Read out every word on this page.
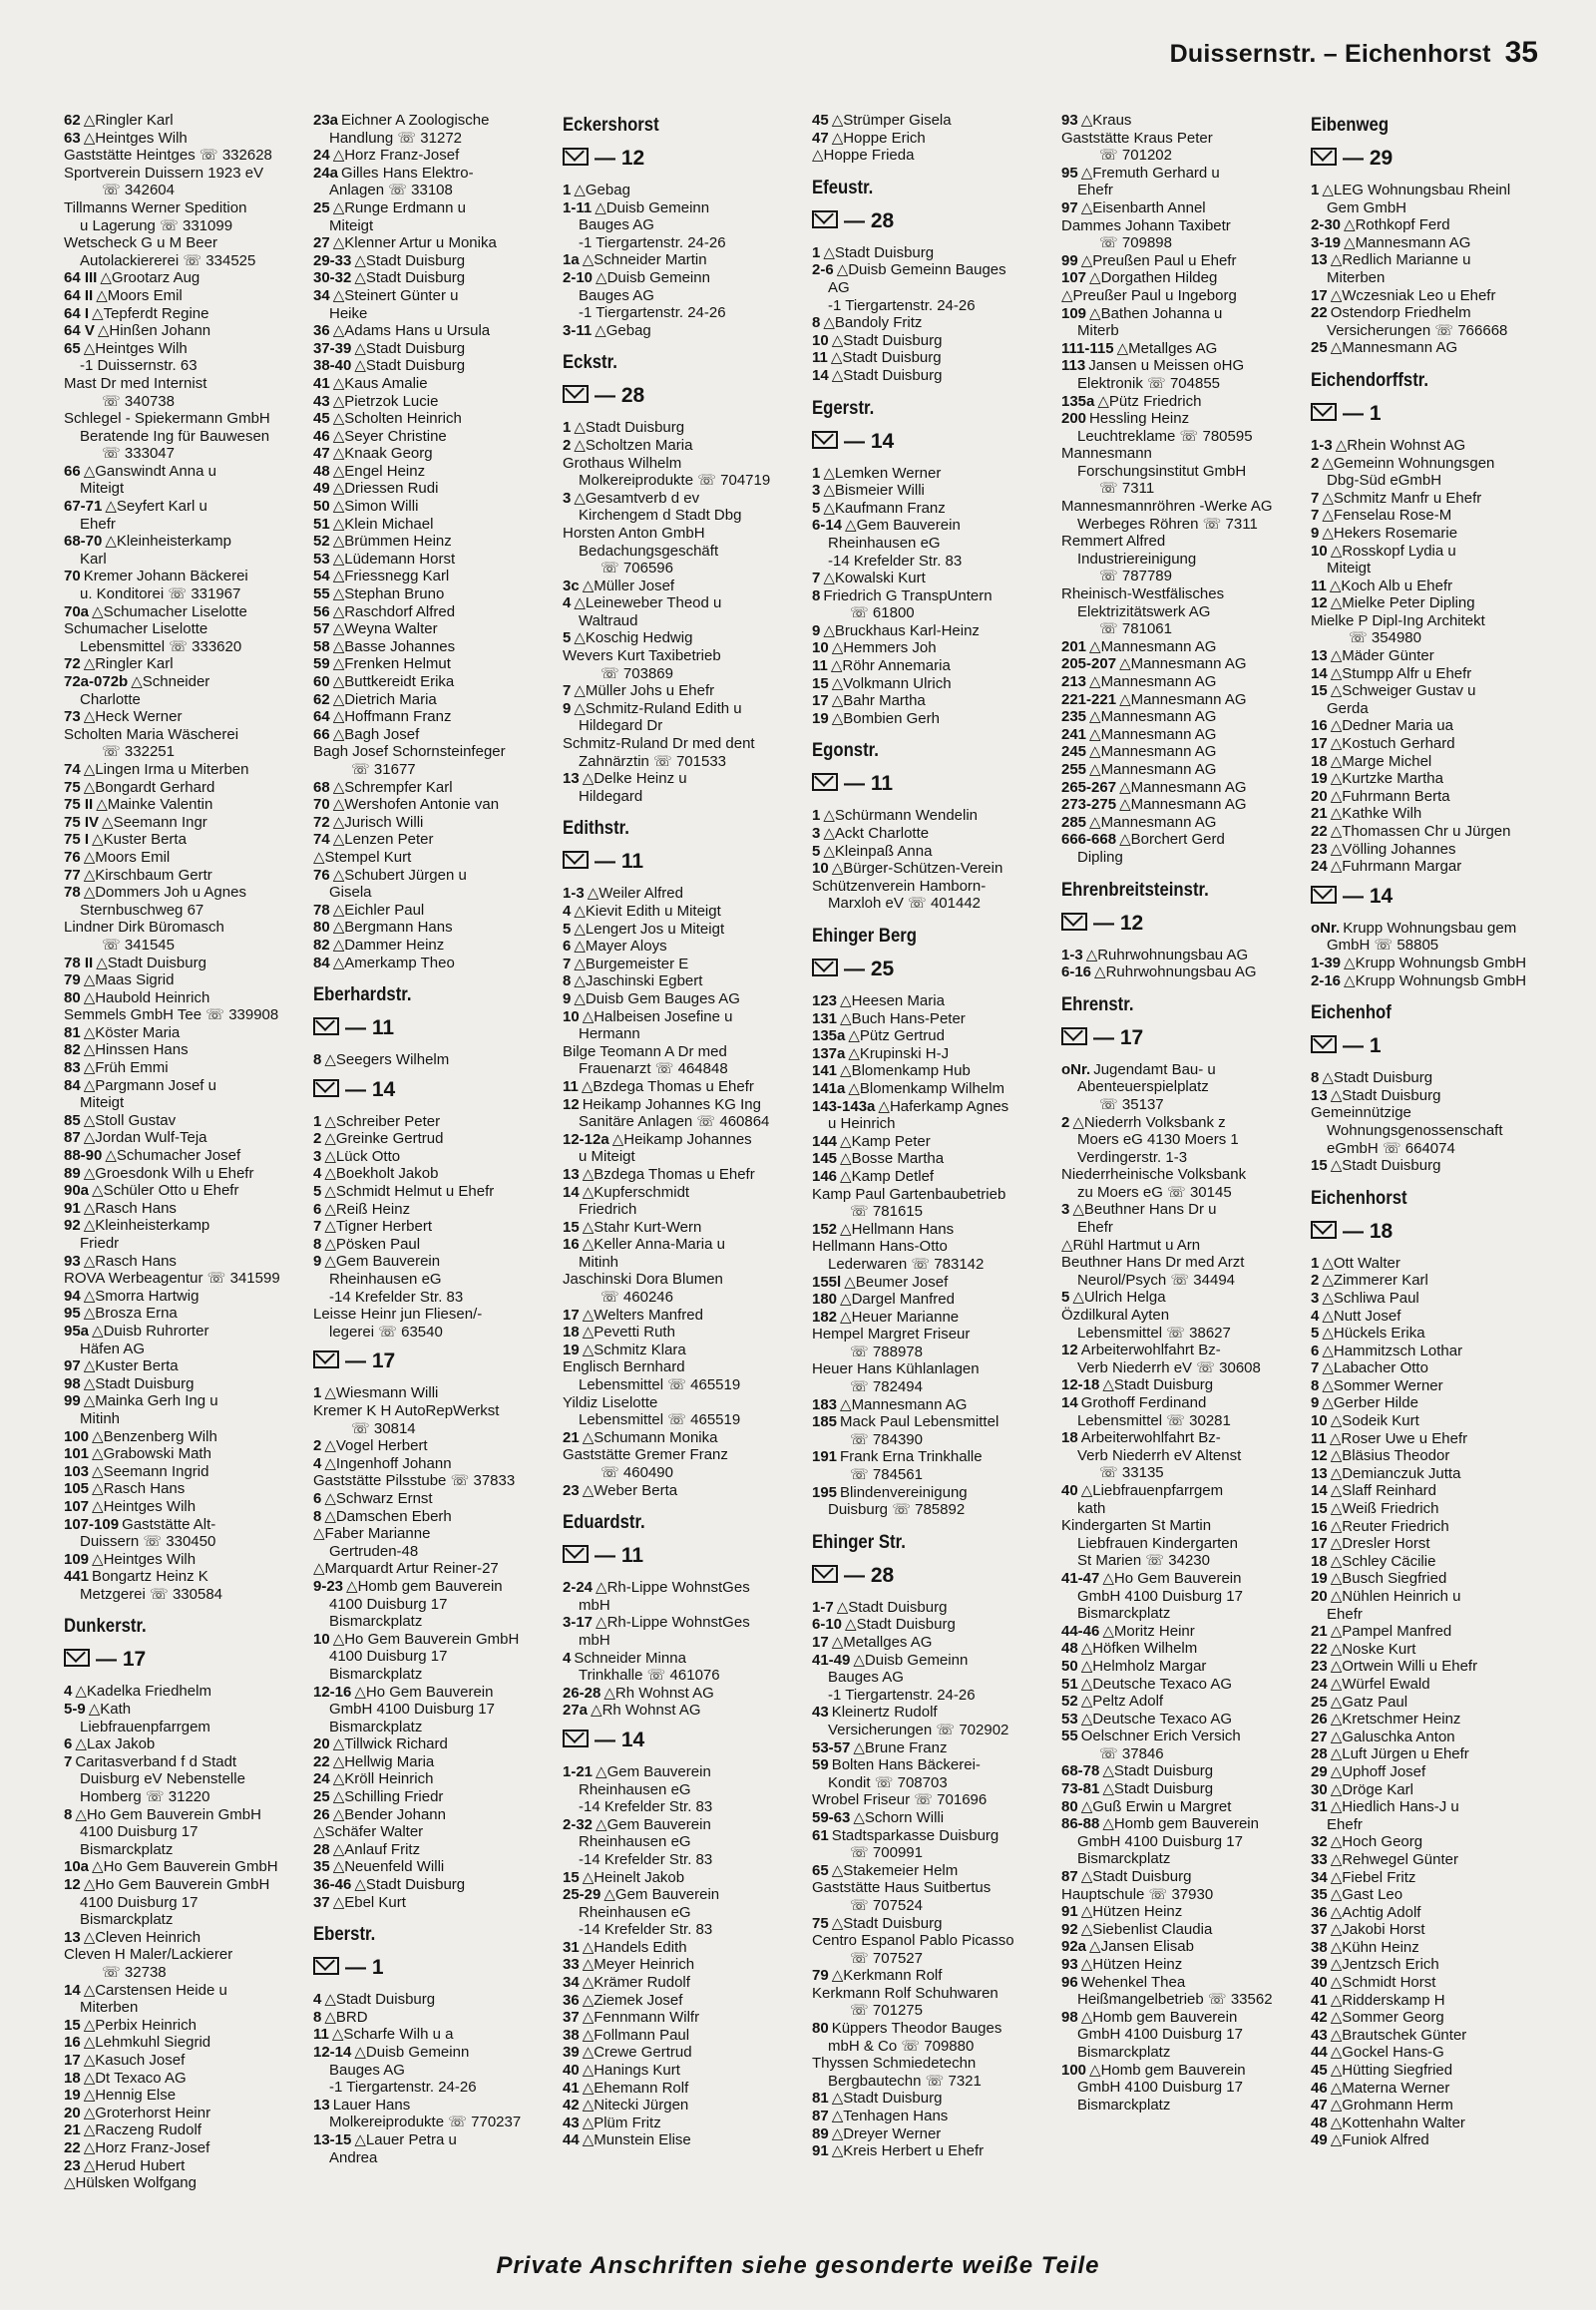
Duissernstr. – Eichenhorst 35
62 △Ringler Karl
63 △Heintges Wilh
Gaststätte Heintges ☏ 332628
Sportverein Duissern 1923 eV
☏ 342604
Tillmanns Werner Spedition
u Lagerung ☏ 331099
Wetscheck G u M Beer
Autolackiererei ☏ 334525
64 III △Grootarz Aug
64 II △Moors Emil
64 I △Tepferdt Regine
64 V △Hinßen Johann
65 △Heintges Wilh
-1 Duissernstr. 63
Mast Dr med Internist
☏ 340738
Schlegel - Spiekermann GmbH
Beratende Ing für Bauwesen
☏ 333047
66 △Ganswindt Anna u
Miteigt
67-71 △Seyfert Karl u
Ehefr
68-70 △Kleinheisterkamp
Karl
70 Kremer Johann Bäckerei
u. Konditorei ☏ 331967
70a △Schumacher Liselotte
Schumacher Liselotte
Lebensmittel ☏ 333620
72 △Ringler Karl
72a-072b △Schneider
Charlotte
73 △Heck Werner
Scholten Maria Wäscherei
☏ 332251
74 △Lingen Irma u Miterben
75 △Bongardt Gerhard
75 II △Mainke Valentin
75 IV △Seemann Ingr
75 I △Kuster Berta
76 △Moors Emil
77 △Kirschbaum Gertr
78 △Dommers Joh u Agnes
Sternbuschweg 67
Lindner Dirk Büromasch
☏ 341545
78 II △Stadt Duisburg
79 △Maas Sigrid
80 △Haubold Heinrich
Semmels GmbH Tee ☏ 339908
81 △Köster Maria
82 △Hinssen Hans
83 △Früh Emmi
84 △Pargmann Josef u
Miteigt
85 △Stoll Gustav
87 △Jordan Wulf-Teja
88-90 △Schumacher Josef
89 △Groesdonk Wilh u Ehefr
90a △Schüler Otto u Ehefr
91 △Rasch Hans
92 △Kleinheisterkamp
Friedr
93 △Rasch Hans
ROVA Werbeagentur ☏ 341599
94 △Smorra Hartwig
95 △Brosza Erna
95a △Duisb Ruhrorter
Häfen AG
97 △Kuster Berta
98 △Stadt Duisburg
99 △Mainka Gerh Ing u
Mitinh
100 △Benzenberg Wilh
101 △Grabowski Math
103 △Seemann Ingrid
105 △Rasch Hans
107 △Heintges Wilh
107-109 Gaststätte Alt-
Duissern ☏ 330450
109 △Heintges Wilh
441 Bongartz Heinz K
Metzgerei ☏ 330584
Dunkerstr.
— 17
4 △Kadelka Friedhelm
5-9 △Kath
Liebfrauenpfarrgem
6 △Lax Jakob
7 Caritasverband f d Stadt
Duisburg eV Nebenstelle
Homberg ☏ 31220
8 △Ho Gem Bauverein GmbH
4100 Duisburg 17
Bismarckplatz
10a △Ho Gem Bauverein GmbH
12 △Ho Gem Bauverein GmbH
4100 Duisburg 17
Bismarckplatz
13 △Cleven Heinrich
Cleven H Maler/Lackierer
☏ 32738
14 △Carstensen Heide u
Miterben
15 △Perbix Heinrich
16 △Lehmkuhl Siegrid
17 △Kasuch Josef
18 △Dt Texaco AG
19 △Hennig Else
20 △Groterhorst Heinr
21 △Raczeng Rudolf
22 △Horz Franz-Josef
23 △Herud Hubert
△Hülsken Wolfgang
23a Eichner A Zoologische
Handlung ☏ 31272
24 △Horz Franz-Josef
24a Gilles Hans Elektro-
Anlagen ☏ 33108
25 △Runge Erdmann u
Miteigt
27 △Klenner Artur u Monika
29-33 △Stadt Duisburg
30-32 △Stadt Duisburg
34 △Steinert Günter u
Heike
36 △Adams Hans u Ursula
37-39 △Stadt Duisburg
38-40 △Stadt Duisburg
41 △Kaus Amalie
43 △Pietrzok Lucie
45 △Scholten Heinrich
46 △Seyer Christine
47 △Knaak Georg
48 △Engel Heinz
49 △Driessen Rudi
50 △Simon Willi
51 △Klein Michael
52 △Brümmen Heinz
53 △Lüdemann Horst
54 △Friessnegg Karl
55 △Stephan Bruno
56 △Raschdorf Alfred
57 △Weyna Walter
58 △Basse Johannes
59 △Frenken Helmut
60 △Buttkereidt Erika
62 △Dietrich Maria
64 △Hoffmann Franz
66 △Bagh Josef
Bagh Josef Schornsteinfeger
☏ 31677
68 △Schrempfer Karl
70 △Wershofen Antonie van
72 △Jurisch Willi
74 △Lenzen Peter
△Stempel Kurt
76 △Schubert Jürgen u
Gisela
78 △Eichler Paul
80 △Bergmann Hans
82 △Dammer Heinz
84 △Amerkamp Theo
Eberhardstr.
— 11
8 △Seegers Wilhelm
— 14
1 △Schreiber Peter
2 △Greinke Gertrud
3 △Lück Otto
4 △Boekholt Jakob
5 △Schmidt Helmut u Ehefr
6 △Reiß Heinz
7 △Tigner Herbert
8 △Pösken Paul
9 △Gem Bauverein
Rheinhausen eG
-14 Krefelder Str. 83
Leisse Heinr jun Fliesen/-
legerei ☏ 63540
— 17
1 △Wiesmann Willi
Kremer K H AutoRepWerkst
☏ 30814
2 △Vogel Herbert
4 △Ingenhoff Johann
Gaststätte Pilsstube ☏ 37833
6 △Schwarz Ernst
8 △Damschen Eberh
△Faber Marianne
Gertruden-48
△Marquardt Artur Reiner-27
9-23 △Homb gem Bauverein
4100 Duisburg 17
Bismarckplatz
10 △Ho Gem Bauverein GmbH
4100 Duisburg 17
Bismarckplatz
12-16 △Ho Gem Bauverein
GmbH 4100 Duisburg 17
Bismarckplatz
20 △Tillwick Richard
22 △Hellwig Maria
24 △Kröll Heinrich
25 △Schilling Friedr
26 △Bender Johann
△Schäfer Walter
28 △Anlauf Fritz
35 △Neuenfeld Willi
36-46 △Stadt Duisburg
37 △Ebel Kurt
Eberstr.
— 1
4 △Stadt Duisburg
8 △BRD
11 △Scharfe Wilh u a
12-14 △Duisb Gemeinn
Bauges AG
-1 Tiergartenstr. 24-26
13 Lauer Hans
Molkereiprodukte ☏ 770237
13-15 △Lauer Petra u
Andrea
Eckershorst
— 12
1 △Gebag
1-11 △Duisb Gemeinn
Bauges AG
-1 Tiergartenstr. 24-26
1a △Schneider Martin
2-10 △Duisb Gemeinn
Bauges AG
-1 Tiergartenstr. 24-26
3-11 △Gebag
Eckstr.
— 28
1 △Stadt Duisburg
2 △Scholtzen Maria
Grothaus Wilhelm
Molkereiprodukte ☏ 704719
3 △Gesamtverb d ev
Kirchengem d Stadt Dbg
Horsten Anton GmbH
Bedachungsgeschäft
☏ 706596
3c △Müller Josef
4 △Leineweber Theod u
Waltraud
5 △Koschig Hedwig
Wevers Kurt Taxibetrieb
☏ 703869
7 △Müller Johs u Ehefr
9 △Schmitz-Ruland Edith u
Hildegard Dr
Schmitz-Ruland Dr med dent
Zahnärztin ☏ 701533
13 △Delke Heinz u
Hildegard
Edithstr.
— 11
1-3 △Weiler Alfred
4 △Kievit Edith u Miteigt
5 △Lengert Jos u Miteigt
6 △Mayer Aloys
7 △Burgemeister E
8 △Jaschinski Egbert
9 △Duisb Gem Bauges AG
10 △Halbeisen Josefine u
Hermann
Bilge Teomann A Dr med
Frauenarzt ☏ 464848
11 △Bzdega Thomas u Ehefr
12 Heikamp Johannes KG Ing
Sanitäre Anlagen ☏ 460864
12-12a △Heikamp Johannes
u Miteigt
13 △Bzdega Thomas u Ehefr
14 △Kupferschmidt
Friedrich
15 △Stahr Kurt-Wern
16 △Keller Anna-Maria u
Mitinh
Jaschinski Dora Blumen
☏ 460246
17 △Welters Manfred
18 △Pevetti Ruth
19 △Schmitz Klara
Englisch Bernhard
Lebensmittel ☏ 465519
Yildiz Liselotte
Lebensmittel ☏ 465519
21 △Schumann Monika
Gaststätte Gremer Franz
☏ 460490
23 △Weber Berta
Eduardstr.
— 11
2-24 △Rh-Lippe WohnstGes
mbH
3-17 △Rh-Lippe WohnstGes
mbH
4 Schneider Minna
Trinkhalle ☏ 461076
26-28 △Rh Wohnst AG
27a △Rh Wohnst AG
— 14
1-21 △Gem Bauverein
Rheinhausen eG
-14 Krefelder Str. 83
2-32 △Gem Bauverein
Rheinhausen eG
-14 Krefelder Str. 83
15 △Heinelt Jakob
25-29 △Gem Bauverein
Rheinhausen eG
-14 Krefelder Str. 83
31 △Handels Edith
33 △Meyer Heinrich
34 △Krämer Rudolf
36 △Ziemek Josef
37 △Fennmann Wilfr
38 △Follmann Paul
39 △Crewe Gertrud
40 △Hanings Kurt
41 △Ehemann Rolf
42 △Nitecki Jürgen
43 △Plüm Fritz
44 △Munstein Elise
45 △Strümper Gisela
47 △Hoppe Erich
△Hoppe Frieda
Efeustr.
— 28
1 △Stadt Duisburg
2-6 △Duisb Gemeinn Bauges
AG
-1 Tiergartenstr. 24-26
8 △Bandoly Fritz
10 △Stadt Duisburg
11 △Stadt Duisburg
14 △Stadt Duisburg
Egerstr.
— 14
1 △Lemken Werner
3 △Bismeier Willi
5 △Kaufmann Franz
6-14 △Gem Bauverein
Rheinhausen eG
-14 Krefelder Str. 83
7 △Kowalski Kurt
8 Friedrich G TranspUntern
☏ 61800
9 △Bruckhaus Karl-Heinz
10 △Hemmers Joh
11 △Röhr Annemaria
15 △Volkmann Ulrich
17 △Bahr Martha
19 △Bombien Gerh
Egonstr.
— 11
1 △Schürmann Wendelin
3 △Ackt Charlotte
5 △Kleinpaß Anna
10 △Bürger-Schützen-Verein
Schützenverein Hamborn-
Marxloh eV ☏ 401442
Ehinger Berg
— 25
123 △Heesen Maria
131 △Buch Hans-Peter
135a △Pütz Gertrud
137a △Krupinski H-J
141 △Blomenkamp Hub
141a △Blomenkamp Wilhelm
143-143a △Haferkamp Agnes
u Heinrich
144 △Kamp Peter
145 △Bosse Martha
146 △Kamp Detlef
Kamp Paul Gartenbaubetrieb
☏ 781615
152 △Hellmann Hans
Hellmann Hans-Otto
Lederwaren ☏ 783142
155l △Beumer Josef
180 △Dargel Manfred
182 △Heuer Marianne
Hempel Margret Friseur
☏ 788978
Heuer Hans Kühlanlagen
☏ 782494
183 △Mannesmann AG
185 Mack Paul Lebensmittel
☏ 784390
191 Frank Erna Trinkhalle
☏ 784561
195 Blindenvereinigung
Duisburg ☏ 785892
Ehinger Str.
— 28
1-7 △Stadt Duisburg
6-10 △Stadt Duisburg
17 △Metallges AG
41-49 △Duisb Gemeinn
Bauges AG
-1 Tiergartenstr. 24-26
43 Kleinertz Rudolf
Versicherungen ☏ 702902
53-57 △Brune Franz
59 Bolten Hans Bäckerei-
Kondit ☏ 708703
Wrobel Friseur ☏ 701696
59-63 △Schorn Willi
61 Stadtsparkasse Duisburg
☏ 700991
65 △Stakemeier Helm
Gaststätte Haus Suitbertus
☏ 707524
75 △Stadt Duisburg
Centro Espanol Pablo Picasso
☏ 707527
79 △Kerkmann Rolf
Kerkmann Rolf Schuhwaren
☏ 701275
80 Küppers Theodor Bauges
mbH & Co ☏ 709880
Thyssen Schmiedetechn
Bergbautechn ☏ 7321
81 △Stadt Duisburg
87 △Tenhagen Hans
89 △Dreyer Werner
91 △Kreis Herbert u Ehefr
93 △Kraus
Gaststätte Kraus Peter
☏ 701202
95 △Fremuth Gerhard u
Ehefr
97 △Eisenbarth Annel
Dammes Johann Taxibetr
☏ 709898
99 △Preußen Paul u Ehefr
107 △Dorgathen Hildeg
△Preußer Paul u Ingeborg
109 △Bathen Johanna u
Miterb
111-115 △Metallges AG
113 Jansen u Meissen oHG
Elektronik ☏ 704855
135a △Pütz Friedrich
200 Hessling Heinz
Leuchtreklame ☏ 780595
Mannesmann
Forschungsinstitut GmbH
☏ 7311
Mannesmannröhren -Werke AG
Werbeges Röhren ☏ 7311
Remmert Alfred
Industriereinigung
☏ 787789
Rheinisch-Westfälisches
Elektrizitätswerk AG
☏ 781061
201 △Mannesmann AG
205-207 △Mannesmann AG
213 △Mannesmann AG
221-221 △Mannesmann AG
235 △Mannesmann AG
241 △Mannesmann AG
245 △Mannesmann AG
255 △Mannesmann AG
265-267 △Mannesmann AG
273-275 △Mannesmann AG
285 △Mannesmann AG
666-668 △Borchert Gerd
Dipling
Ehrenbreitsteinstr.
— 12
1-3 △Ruhrwohnungsbau AG
6-16 △Ruhrwohnungsbau AG
Ehrenstr.
— 17
oNr. Jugendamt Bau- u
Abenteuerspielplatz
☏ 35137
2 △Niederrh Volksbank z
Moers eG 4130 Moers 1
Verdingerstr. 1-3
Niederrheinische Volksbank
zu Moers eG ☏ 30145
3 △Beuthner Hans Dr u
Ehefr
△Rühl Hartmut u Arn
Beuthner Hans Dr med Arzt
Neurol/Psych ☏ 34494
5 △Ulrich Helga
Özdilkural Ayten
Lebensmittel ☏ 38627
12 Arbeiterwohlfahrt Bz-
Verb Niederrh eV ☏ 30608
12-18 △Stadt Duisburg
14 Grothoff Ferdinand
Lebensmittel ☏ 30281
18 Arbeiterwohlfahrt Bz-
Verb Niederrh eV Altenst
☏ 33135
40 △Liebfrauenpfarrgem
kath
Kindergarten St Martin
Liebfrauen Kindergarten
St Marien ☏ 34230
41-47 △Ho Gem Bauverein
GmbH 4100 Duisburg 17
Bismarckplatz
44-46 △Moritz Heinr
48 △Höfken Wilhelm
50 △Helmholz Margar
51 △Deutsche Texaco AG
52 △Peltz Adolf
53 △Deutsche Texaco AG
55 Oelschner Erich Versich
☏ 37846
68-78 △Stadt Duisburg
73-81 △Stadt Duisburg
80 △Guß Erwin u Margret
86-88 △Homb gem Bauverein
GmbH 4100 Duisburg 17
Bismarckplatz
87 △Stadt Duisburg
Hauptschule ☏ 37930
91 △Hützen Heinz
92 △Siebenlist Claudia
92a △Jansen Elisab
93 △Hützen Heinz
96 Wehenkel Thea
Heißmangelbetrieb ☏ 33562
98 △Homb gem Bauverein
GmbH 4100 Duisburg 17
Bismarckplatz
100 △Homb gem Bauverein
GmbH 4100 Duisburg 17
Bismarckplatz
Eibenweg
— 29
1 △LEG Wohnungsbau Rheinl
Gem GmbH
2-30 △Rothkopf Ferd
3-19 △Mannesmann AG
13 △Redlich Marianne u
Miterben
17 △Wczesniak Leo u Ehefr
22 Ostendorp Friedhelm
Versicherungen ☏ 766668
25 △Mannesmann AG
Eichendorffstr.
— 1
1-3 △Rhein Wohnst AG
2 △Gemeinn Wohnungsgen
Dbg-Süd eGmbH
7 △Schmitz Manfr u Ehefr
7 △Fenselau Rose-M
9 △Hekers Rosemarie
10 △Rosskopf Lydia u
Miteigt
11 △Koch Alb u Ehefr
12 △Mielke Peter Dipling
Mielke P Dipl-Ing Architekt
☏ 354980
13 △Mäder Günter
14 △Stumpp Alfr u Ehefr
15 △Schweiger Gustav u
Gerda
16 △Dedner Maria ua
17 △Kostuch Gerhard
18 △Marge Michel
19 △Kurtzke Martha
20 △Fuhrmann Berta
21 △Kathke Wilh
22 △Thomassen Chr u Jürgen
23 △Völling Johannes
24 △Fuhrmann Margar
— 14
oNr. Krupp Wohnungsbau gem
GmbH ☏ 58805
1-39 △Krupp Wohnungsb GmbH
2-16 △Krupp Wohnungsb GmbH
Eichenhof
— 1
8 △Stadt Duisburg
13 △Stadt Duisburg
Gemeinnützige
Wohnungsgenossenschaft
eGmbH ☏ 664074
15 △Stadt Duisburg
Eichenhorst
— 18
1 △Ott Walter
2 △Zimmerer Karl
3 △Schliwa Paul
4 △Nutt Josef
5 △Hückels Erika
6 △Hammitzsch Lothar
7 △Labacher Otto
8 △Sommer Werner
9 △Gerber Hilde
10 △Sodeik Kurt
11 △Roser Uwe u Ehefr
12 △Bläsius Theodor
13 △Demianczuk Jutta
14 △Slaff Reinhard
15 △Weiß Friedrich
16 △Reuter Friedrich
17 △Dresler Horst
18 △Schley Cäcilie
19 △Busch Siegfried
20 △Nühlen Heinrich u
Ehefr
21 △Pampel Manfred
22 △Noske Kurt
23 △Ortwein Willi u Ehefr
24 △Würfel Ewald
25 △Gatz Paul
26 △Kretschmer Heinz
27 △Galuschka Anton
28 △Luft Jürgen u Ehefr
29 △Uphoff Josef
30 △Dröge Karl
31 △Hiedlich Hans-J u
Ehefr
32 △Hoch Georg
33 △Rehwegel Günter
34 △Fiebel Fritz
35 △Gast Leo
36 △Achtig Adolf
37 △Jakobi Horst
38 △Kühn Heinz
39 △Jentzsch Erich
40 △Schmidt Horst
41 △Ridderskamp H
42 △Sommer Georg
43 △Brautschek Günter
44 △Gockel Hans-G
45 △Hütting Siegfried
46 △Materna Werner
47 △Grohmann Herm
48 △Kottenhahn Walter
49 △Funiok Alfred
Private Anschriften siehe gesonderte weiße Teile
